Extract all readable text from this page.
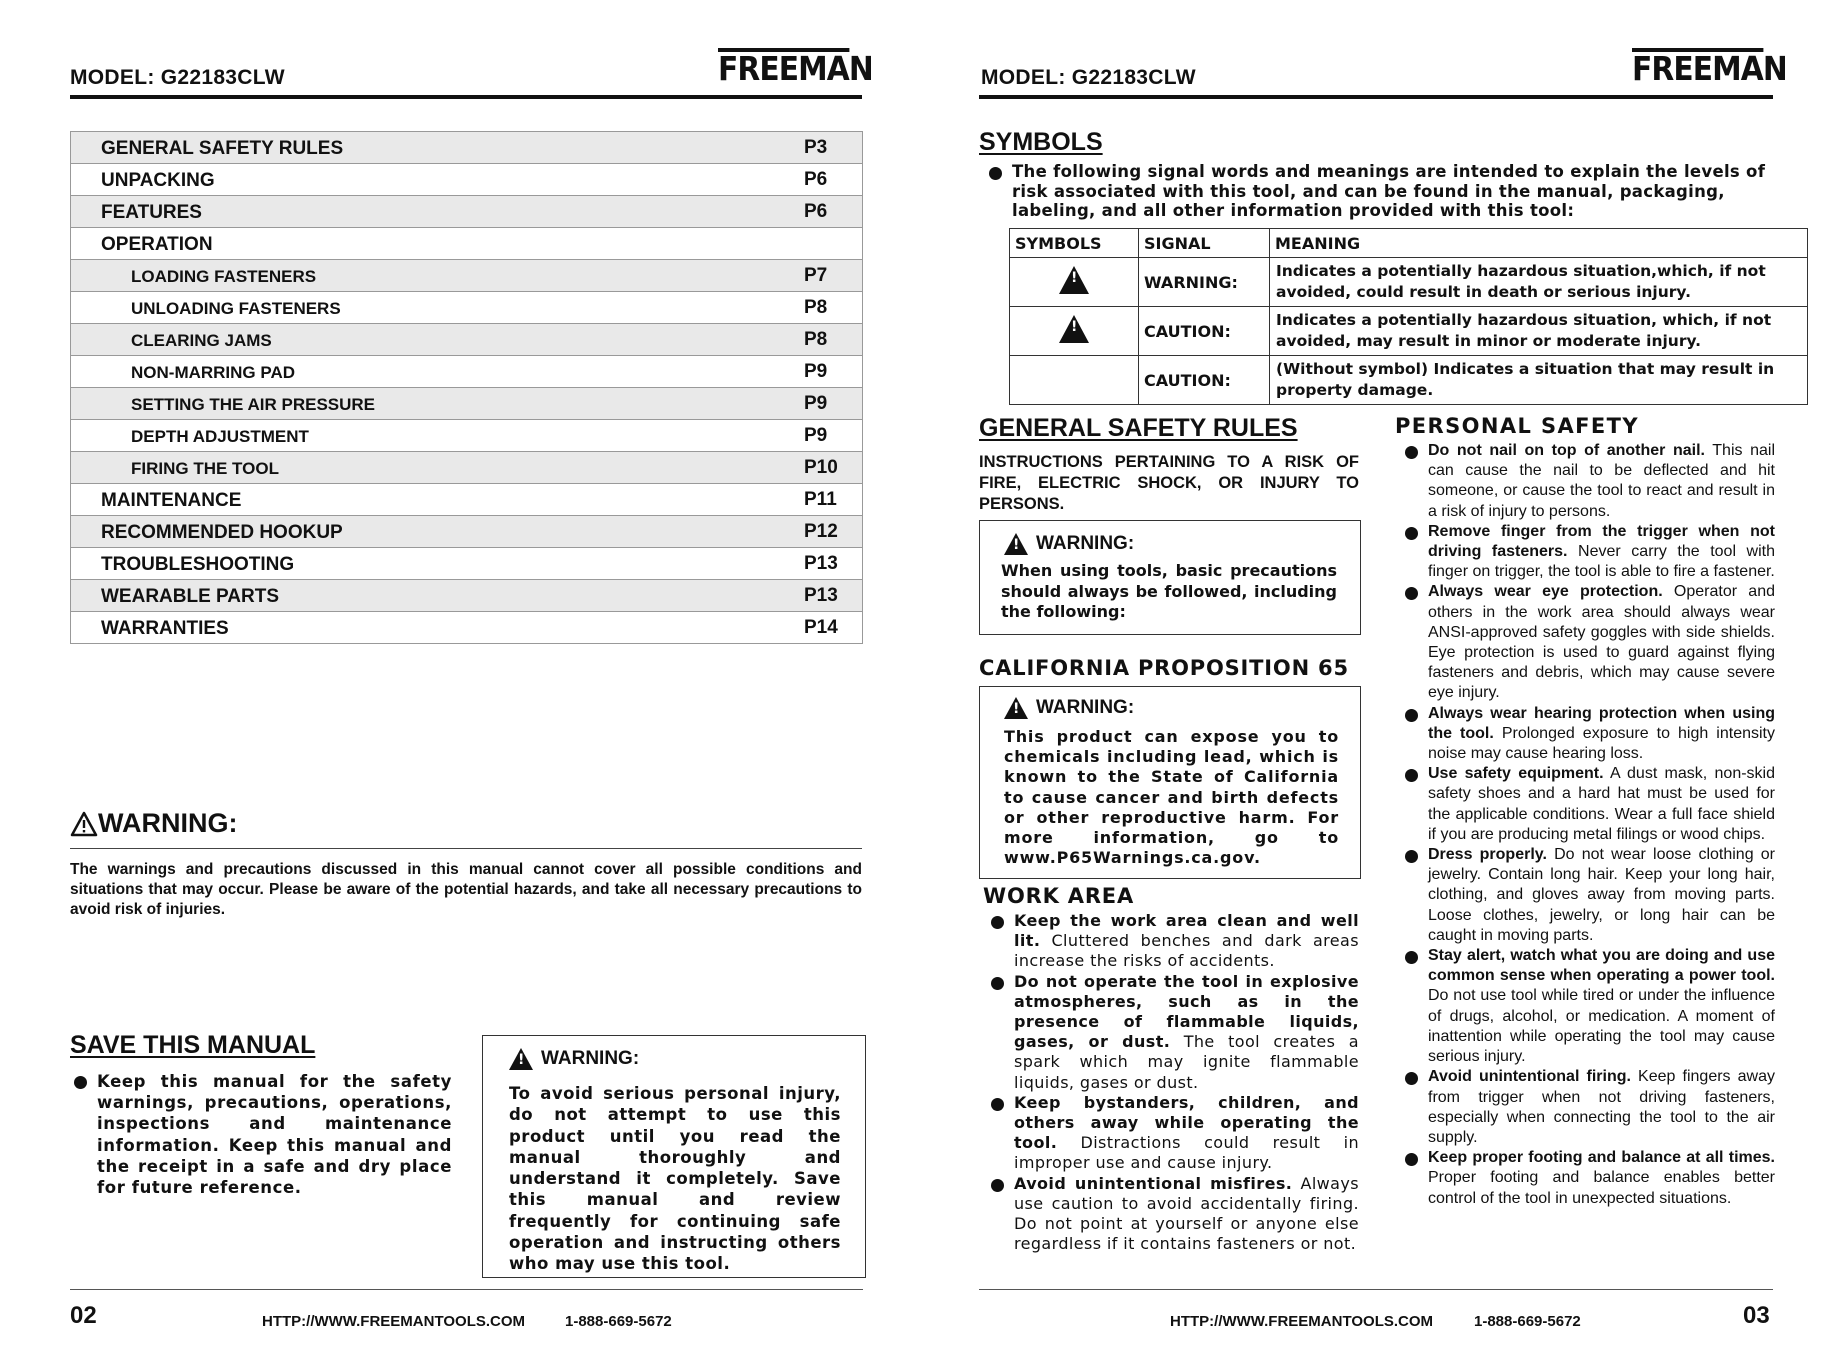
MODEL: G22183CLW	FREEMAN
GENERAL SAFETY RULES	P3
UNPACKING	P6
FEATURES	P6
OPERATION
LOADING FASTENERS	P7
UNLOADING FASTENERS	P8
CLEARING JAMS	P8
NON-MARRING PAD	P9
SETTING THE AIR PRESSURE	P9
DEPTH ADJUSTMENT	P9
FIRING THE TOOL	P10
MAINTENANCE	P11
RECOMMENDED HOOKUP	P12
TROUBLESHOOTING	P13
WEARABLE PARTS	P13
WARRANTIES	P14
WARNING:
The warnings and precautions discussed in this manual cannot cover all possible conditions and situations that may occur. Please be aware of the potential hazards, and take all necessary precautions to avoid risk of injuries.
SAVE THIS MANUAL
Keep this manual for the safety warnings, precautions, operations, inspections and maintenance information. Keep this manual and the receipt in a safe and dry place for future reference.
!
WARNING:
To avoid serious personal injury, do not attempt to use this product until you read the manual thoroughly and understand it completely. Save this manual and review frequently for continuing safe operation and instructing others who may use this tool.
02	HTTP://WWW.FREEMANTOOLS.COM	1-888-669-5672
MODEL: G22183CLW	FREEMAN
SYMBOLS
The following signal words and meanings are intended to explain the levels of risk associated with this tool, and can be found in the manual, packaging, labeling, and all other information provided with this tool:
SYMBOLS	SIGNAL	MEANING
!	WARNING:	Indicates a potentially hazardous situation,which, if not avoided, could result in death or serious injury.
!	CAUTION:	Indicates a potentially hazardous situation, which, if not avoided, may result in minor or moderate injury.
	CAUTION:	(Without symbol) Indicates a situation that may result in property damage.
GENERAL SAFETY RULES
INSTRUCTIONS PERTAINING TO A RISK OF FIRE, ELECTRIC SHOCK, OR INJURY TO PERSONS.
!
WARNING:
When using tools, basic precautions should always be followed, including the following:
CALIFORNIA PROPOSITION 65
!
WARNING:
This product can expose you to chemicals including lead, which is known to the State of California to cause cancer and birth defects or other reproductive harm. For more information, go to www.P65Warnings.ca.gov.
WORK AREA
Keep the work area clean and well lit. Cluttered benches and dark areas increase the risks of accidents.
Do not operate the tool in explosive atmospheres, such as in the presence of flammable liquids, gases, or dust. The tool creates a spark which may ignite flammable liquids, gases or dust.
Keep bystanders, children, and others away while operating the tool. Distractions could result in improper use and cause injury.
Avoid unintentional misfires. Always use caution to avoid accidentally firing. Do not point at yourself or anyone else regardless if it contains fasteners or not.
PERSONAL SAFETY
Do not nail on top of another nail. This nail can cause the nail to be deflected and hit someone, or cause the tool to react and result in a risk of injury to persons.
Remove finger from the trigger when not driving fasteners. Never carry the tool with finger on trigger, the tool is able to fire a fastener.
Always wear eye protection. Operator and others in the work area should always wear ANSI-approved safety goggles with side shields. Eye protection is used to guard against flying fasteners and debris, which may cause severe eye injury.
Always wear hearing protection when using the tool. Prolonged exposure to high intensity noise may cause hearing loss.
Use safety equipment. A dust mask, non-skid safety shoes and a hard hat must be used for the applicable conditions. Wear a full face shield if you are producing metal filings or wood chips.
Dress properly. Do not wear loose clothing or jewelry. Contain long hair. Keep your long hair, clothing, and gloves away from moving parts. Loose clothes, jewelry, or long hair can be caught in moving parts.
Stay alert, watch what you are doing and use common sense when operating a power tool. Do not use tool while tired or under the influence of drugs, alcohol, or medication. A moment of inattention while operating the tool may cause serious injury.
Avoid unintentional firing. Keep fingers away from trigger when not driving fasteners, especially when connecting the tool to the air supply.
Keep proper footing and balance at all times. Proper footing and balance enables better control of the tool in unexpected situations.
HTTP://WWW.FREEMANTOOLS.COM	1-888-669-5672	03
